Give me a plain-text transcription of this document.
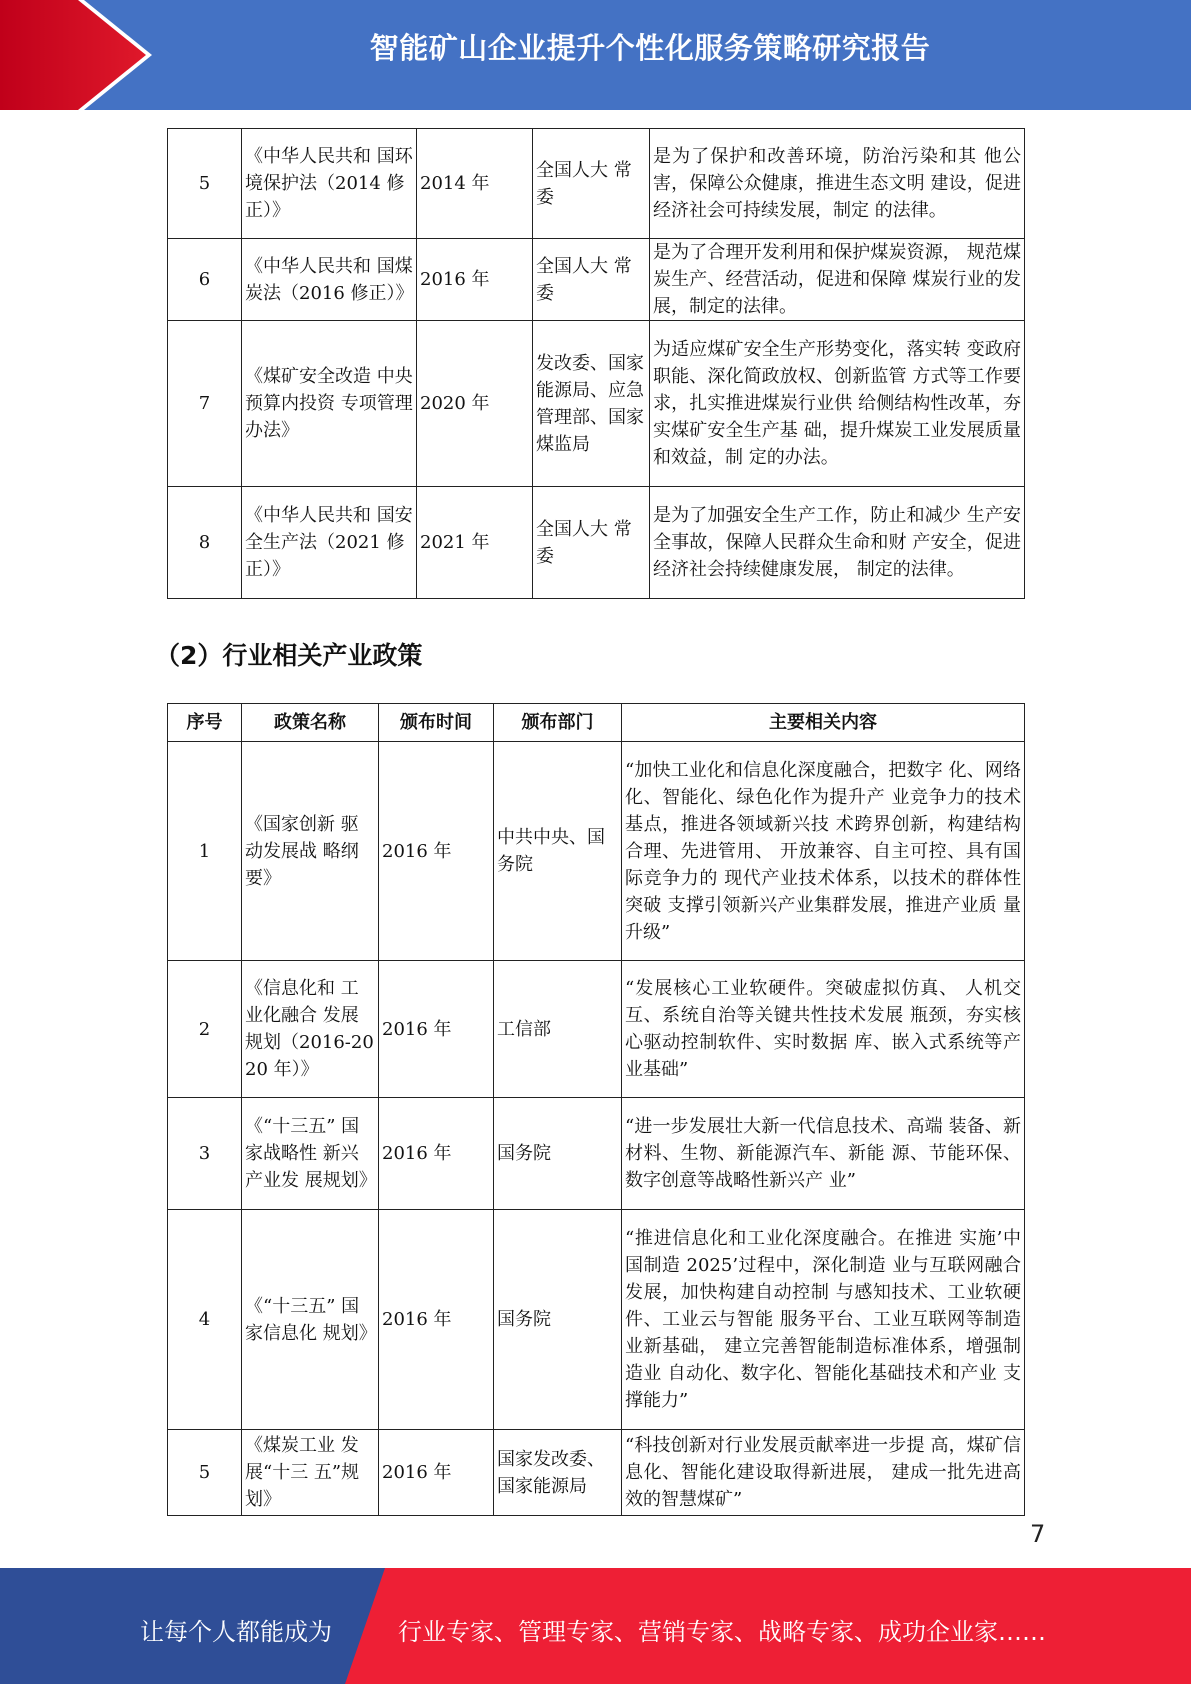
智能矿山企业提升个性化服务策略研究报告
5	《中华人民共和 国环境保护法（2014 修正）》	2014 年	全国人大 常委	是为了保护和改善环境，防治污染和其 他公害，保障公众健康，推进生态文明 建设，促进经济社会可持续发展，制定 的法律。
6	《中华人民共和 国煤炭法（2016 修正）》	2016 年	全国人大 常委	是为了合理开发利用和保护煤炭资源， 规范煤炭生产、经营活动，促进和保障 煤炭行业的发展，制定的法律。
7	《煤矿安全改造 中央预算内投资 专项管理办法》	2020 年	发改委、国家能源局、应急管理部、国家煤监局	为适应煤矿安全生产形势变化，落实转 变政府职能、深化简政放权、创新监管 方式等工作要求，扎实推进煤炭行业供 给侧结构性改革，夯实煤矿安全生产基 础，提升煤炭工业发展质量和效益，制 定的办法。
8	《中华人民共和 国安全生产法（2021 修正）》	2021 年	全国人大 常委	是为了加强安全生产工作，防止和减少 生产安全事故，保障人民群众生命和财 产安全，促进经济社会持续健康发展， 制定的法律。
（2）行业相关产业政策
序号	政策名称	颁布时间	颁布部门	主要相关内容
1	《国家创新 驱动发展战 略纲要》	2016 年	中共中央、国务院	“加快工业化和信息化深度融合，把数字 化、网络化、智能化、绿色化作为提升产 业竞争力的技术基点，推进各领域新兴技 术跨界创新，构建结构合理、先进管用、 开放兼容、自主可控、具有国际竞争力的 现代产业技术体系，以技术的群体性突破 支撑引领新兴产业集群发展，推进产业质 量升级”
2	《信息化和 工业化融合 发展规划（2016-2020 年）》	2016 年	工信部	“发展核心工业软硬件。突破虚拟仿真、 人机交互、系统自治等关键共性技术发展 瓶颈，夯实核心驱动控制软件、实时数据 库、嵌入式系统等产业基础”
3	《“十三五” 国家战略性 新兴产业发 展规划》	2016 年	国务院	“进一步发展壮大新一代信息技术、高端 装备、新材料、生物、新能源汽车、新能 源、节能环保、数字创意等战略性新兴产 业”
4	《“十三五” 国家信息化 规划》	2016 年	国务院	“推进信息化和工业化深度融合。在推进 实施’中国制造 2025’过程中，深化制造 业与互联网融合发展，加快构建自动控制 与感知技术、工业软硬件、工业云与智能 服务平台、工业互联网等制造业新基础， 建立完善智能制造标准体系，增强制造业 自动化、数字化、智能化基础技术和产业 支撑能力”
5	《煤炭工业 发展“十三 五”规划》	2016 年	国家发改委、国家能源局	“科技创新对行业发展贡献率进一步提 高，煤矿信息化、智能化建设取得新进展， 建成一批先进高效的智慧煤矿”
7
让每个人都能成为	行业专家、管理专家、营销专家、战略专家、成功企业家……
